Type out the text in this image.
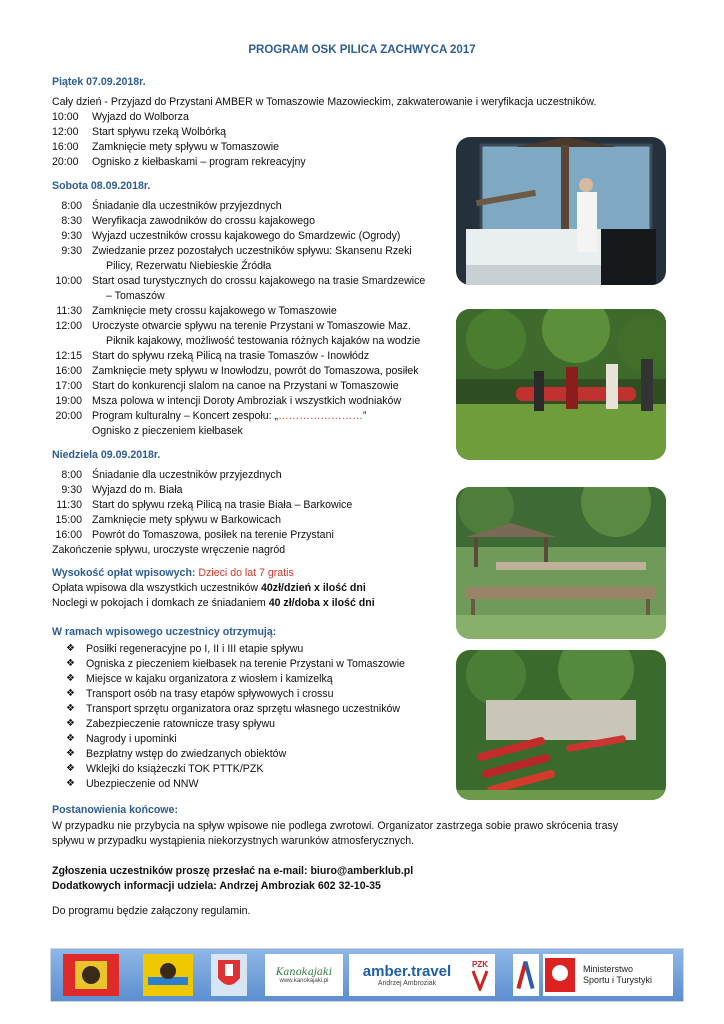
PROGRAM OSK PILICA ZACHWYCA 2017
Piątek 07.09.2018r.
Cały dzień - Przyjazd do Przystani AMBER w Tomaszowie Mazowieckim, zakwaterowanie i weryfikacja uczestników.
10:00	Wyjazd do Wolborza
12:00	Start spływu rzeką Wolbórką
16:00	Zamknięcie mety spływu w Tomaszowie
20:00	Ognisko z kiełbaskami – program rekreacyjny
Sobota 08.09.2018r.
8:00 Śniadanie dla uczestników przyjezdnych
8:30 Weryfikacja zawodników do crossu kajakowego
9:30 Wyjazd uczestników crossu kajakowego do Smardzewic (Ogrody)
9:30 Zwiedzanie przez pozostałych uczestników spływu: Skansenu Rzeki
Pilicy, Rezerwatu Niebieskie Źródła
10:00 Start osad turystycznych do crossu kajakowego na trasie Smardzewice
– Tomaszów
11:30 Zamknięcie mety crossu kajakowego w Tomaszowie
12:00 Uroczyste otwarcie spływu na terenie Przystani w Tomaszowie Maz.
Piknik kajakowy, możliwość testowania różnych kajaków na wodzie
12:15 Start do spływu rzeką Pilicą na trasie Tomaszów - Inowłódz
16:00 Zamknięcie mety spływu w Inowłodzu, powrót do Tomaszowa, posiłek
17:00 Start do konkurencji slalom na canoe na Przystani w Tomaszowie
19:00 Msza polowa w intencji Doroty Ambroziak i wszystkich wodniaków
20:00 Program kulturalny – Koncert zespołu: „……………………”
Ognisko z pieczeniem kiełbasek
Niedziela 09.09.2018r.
8:00 Śniadanie dla uczestników przyjezdnych
9:30 Wyjazd do m. Biała
11:30 Start do spływu rzeką Pilicą na trasie Biała – Barkowice
15:00 Zamknięcie mety spływu w Barkowicach
16:00 Powrót do Tomaszowa, posiłek na terenie Przystani
Zakończenie spływu, uroczyste wręczenie nagród
Wysokość opłat wpisowych: Dzieci do lat 7 gratis
Opłata wpisowa dla wszystkich uczestników 40zł/dzień x ilość dni
Noclegi w pokojach i domkach ze śniadaniem 40 zł/doba x ilość dni
W ramach wpisowego uczestnicy otrzymują:
❖ Posiłki regeneracyjne po I, II i III etapie spływu
❖ Ogniska z pieczeniem kiełbasek na terenie Przystani w Tomaszowie
❖ Miejsce w kajaku organizatora z wiosłem i kamizelką
❖ Transport osób na trasy etapów spływowych i crossu
❖ Transport sprzętu organizatora oraz sprzętu własnego uczestników
❖ Zabezpieczenie ratownicze trasy spływu
❖ Nagrody i upominki
❖ Bezpłatny wstęp do zwiedzanych obiektów
❖ Wklejki do książeczki TOK PTTK/PZK
❖ Ubezpieczenie od NNW
Postanowienia końcowe:
W przypadku nie przybycia na spływ wpisowe nie podlega zwrotowi. Organizator zastrzega sobie prawo skrócenia trasy
spływu w przypadku wystąpienia niekorzystnych warunków atmosferycznych.
Zgłoszenia uczestników proszę przesłać na e-mail: biuro@amberklub.pl
Dodatkowych informacji udziela: Andrzej Ambroziak 602 32-10-35
Do programu będzie załączony regulamin.
Kanokajaki
www.kanokajaki.pl
amber.travel
Andrzej Ambroziak
PZK	Ministerstwo
Sportu i Turystyki
